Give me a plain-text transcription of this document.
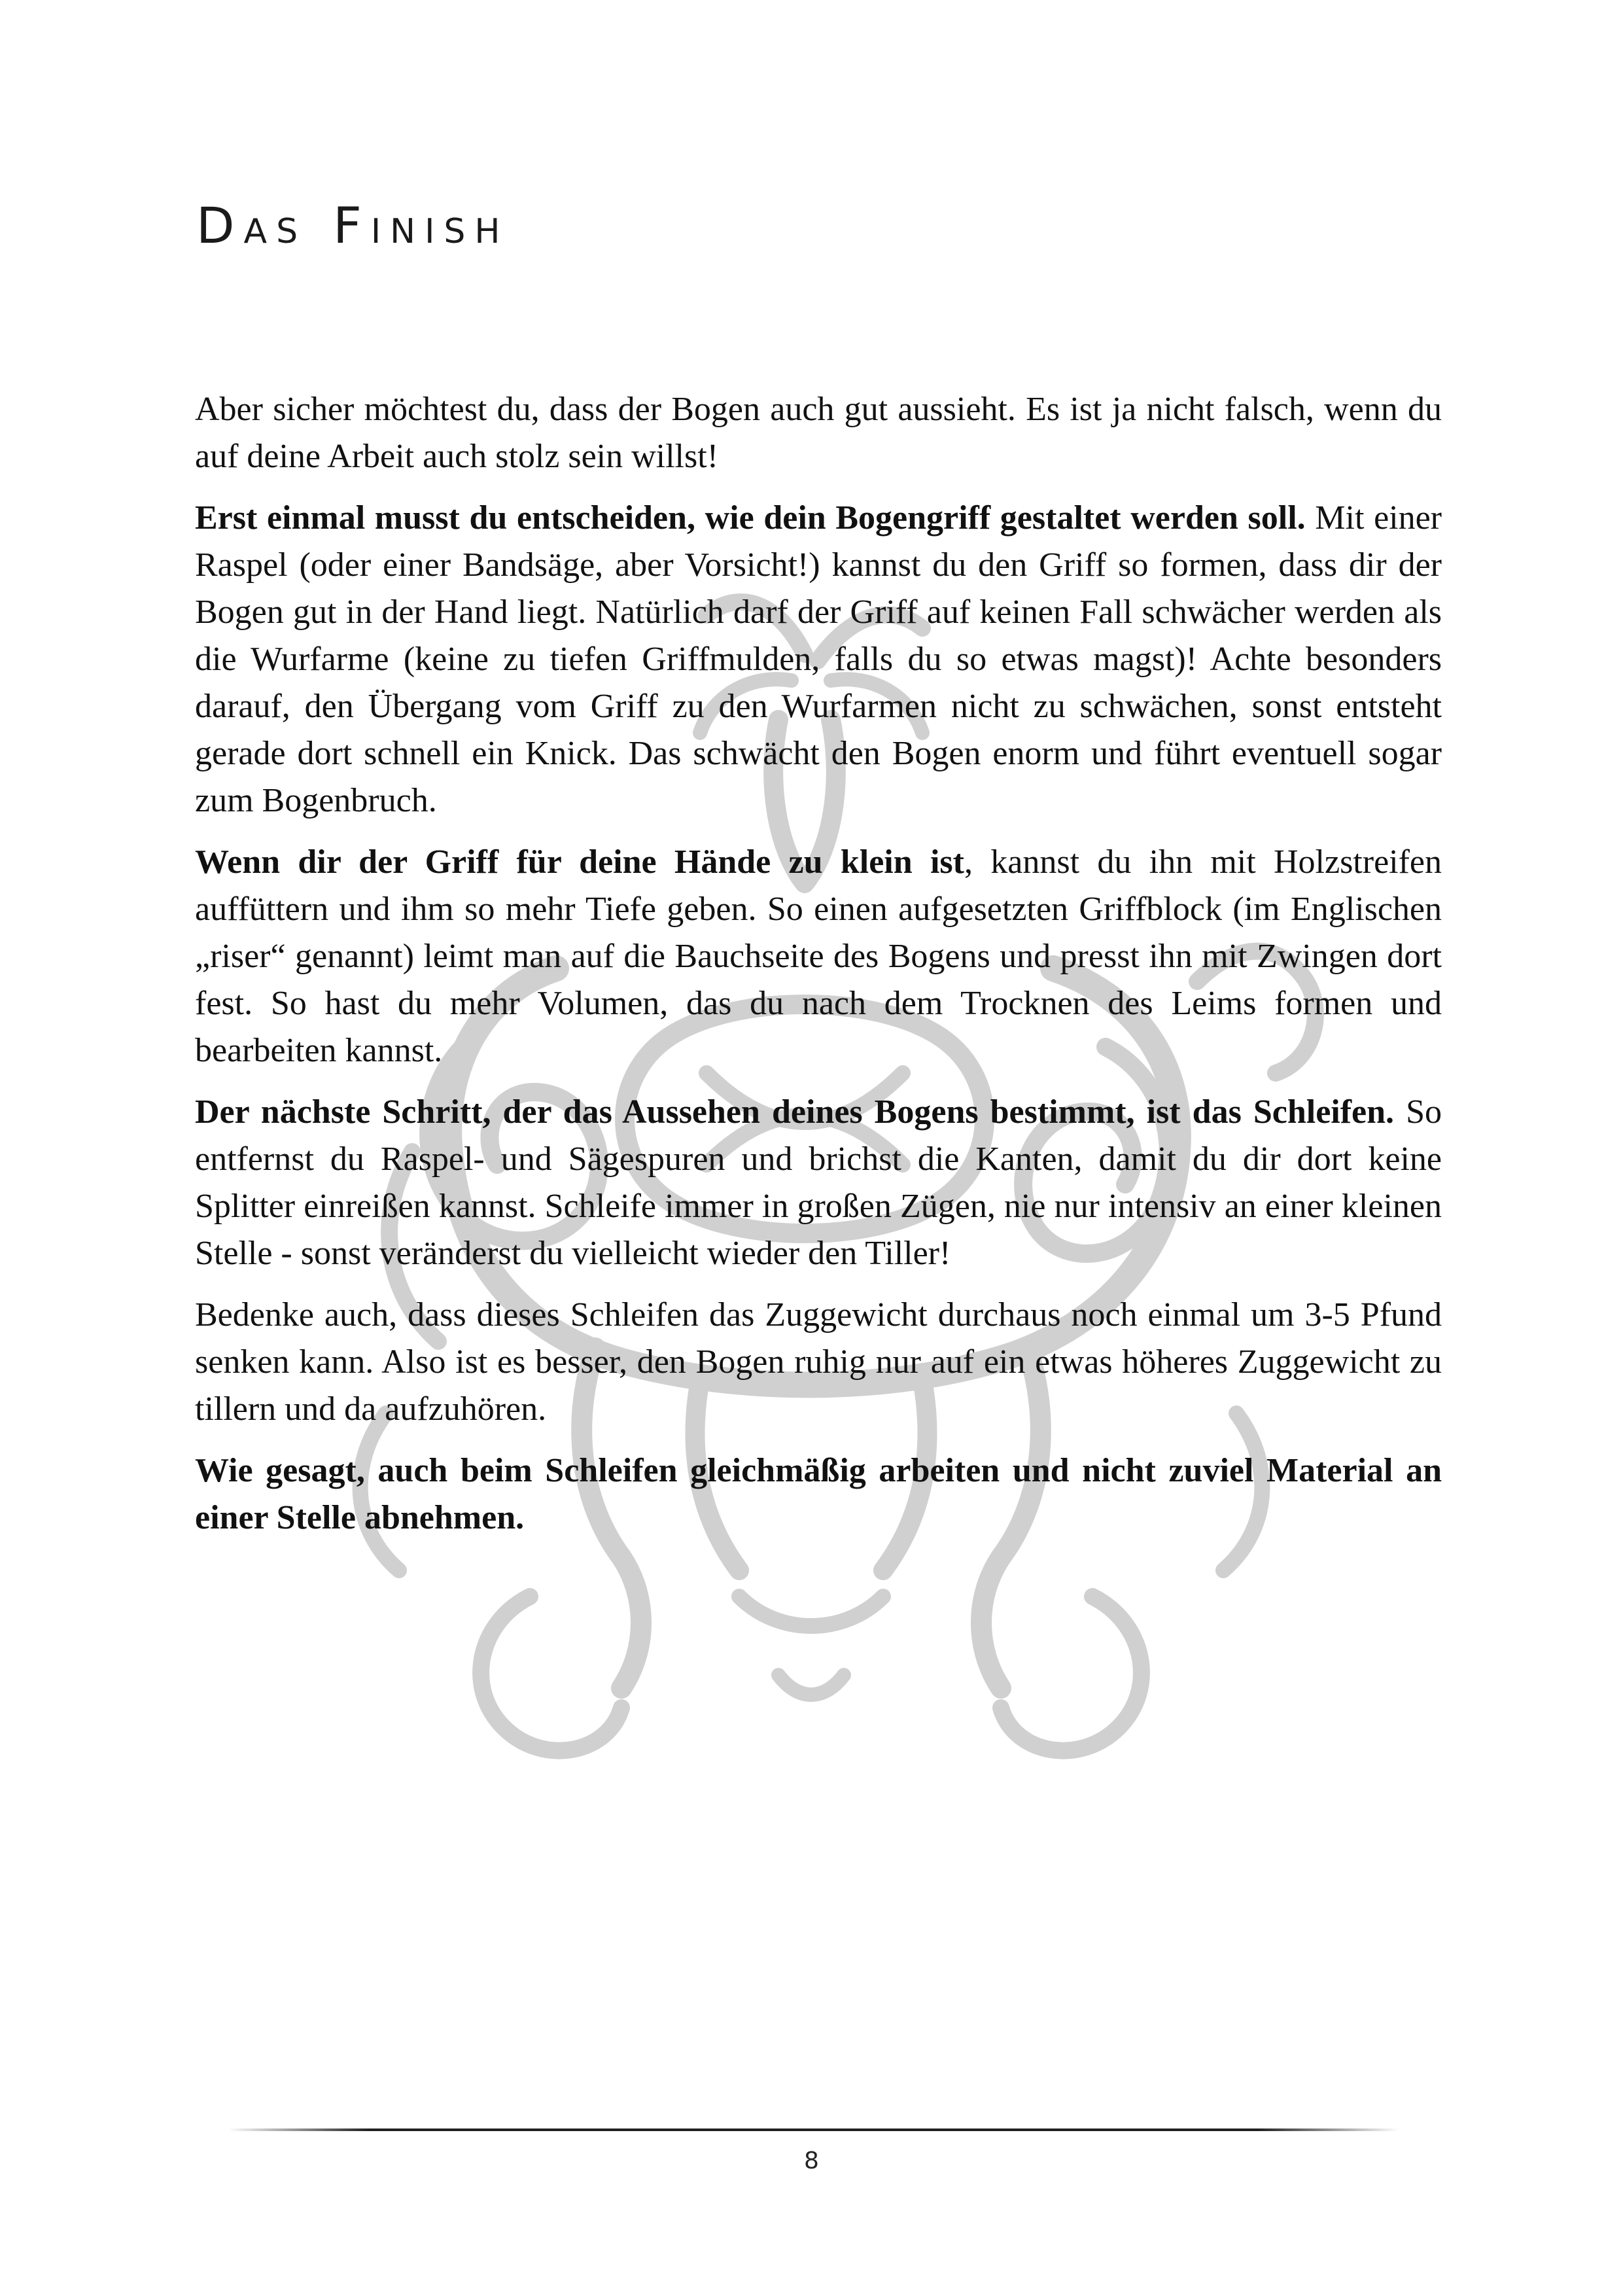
DAS FINISH

Aber sicher möchtest du, dass der Bogen auch gut aussieht. Es ist ja nicht falsch, wenn du auf deine Arbeit auch stolz sein willst!

Erst einmal musst du entscheiden, wie dein Bogengriff gestaltet werden soll. Mit einer Raspel (oder einer Bandsäge, aber Vorsicht!) kannst du den Griff so formen, dass dir der Bogen gut in der Hand liegt. Natürlich darf der Griff auf keinen Fall schwächer werden als die Wurfarme (keine zu tiefen Griffmulden, falls du so etwas magst)! Achte besonders darauf, den Übergang vom Griff zu den Wurfarmen nicht zu schwächen, sonst entsteht gerade dort schnell ein Knick. Das schwächt den Bogen enorm und führt eventuell sogar zum Bogenbruch.

Wenn dir der Griff für deine Hände zu klein ist, kannst du ihn mit Holzstreifen auffüttern und ihm so mehr Tiefe geben. So einen aufgesetzten Griffblock (im Englischen „riser“ genannt) leimt man auf die Bauchseite des Bogens und presst ihn mit Zwingen dort fest. So hast du mehr Volumen, das du nach dem Trocknen des Leims formen und bearbeiten kannst.

Der nächste Schritt, der das Aussehen deines Bogens bestimmt, ist das Schleifen. So entfernst du Raspel- und Sägespuren und brichst die Kanten, damit du dir dort keine Splitter einreißen kannst. Schleife immer in großen Zügen, nie nur intensiv an einer kleinen Stelle - sonst veränderst du vielleicht wieder den Tiller!

Bedenke auch, dass dieses Schleifen das Zuggewicht durchaus noch einmal um 3-5 Pfund senken kann. Also ist es besser, den Bogen ruhig nur auf ein etwas höheres Zuggewicht zu tillern und da aufzuhören.

Wie gesagt, auch beim Schleifen gleichmäßig arbeiten und nicht zuviel Material an einer Stelle abnehmen.

8
